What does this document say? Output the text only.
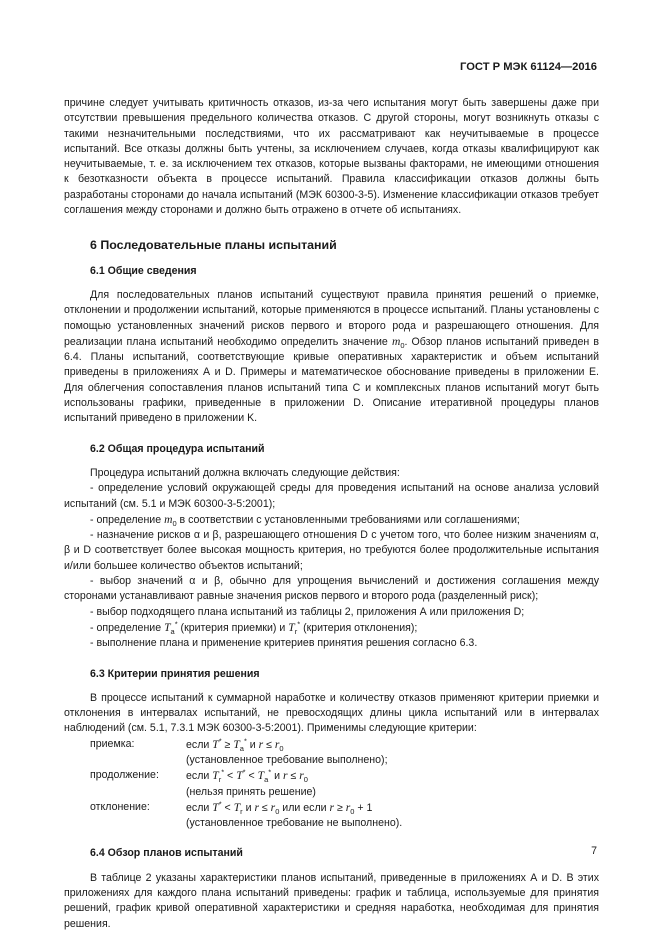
ГОСТ Р МЭК 61124—2016

причине следует учитывать критичность отказов, из-за чего испытания могут быть завершены даже при отсутствии превышения предельного количества отказов. С другой стороны, могут возникнуть отказы с такими незначительными последствиями, что их рассматривают как неучитываемые в процессе испытаний. Все отказы должны быть учтены, за исключением случаев, когда отказы квалифицируют как неучитываемые, т. е. за исключением тех отказов, которые вызваны факторами, не имеющими отношения к безотказности объекта в процессе испытаний. Правила классификации отказов должны быть разработаны сторонами до начала испытаний (МЭК 60300-3-5). Изменение классификации отказов требует соглашения между сторонами и должно быть отражено в отчете об испытаниях.

6 Последовательные планы испытаний
6.1 Общие сведения

Для последовательных планов испытаний существуют правила принятия решений о приемке, отклонении и продолжении испытаний, которые применяются в процессе испытаний. Планы установлены с помощью установленных значений рисков первого и второго рода и разрешающего отношения. Для реализации плана испытаний необходимо определить значение $m_0$. Обзор планов испытаний приведен в 6.4. Планы испытаний, соответствующие кривые оперативных характеристик и объем испытаний приведены в приложениях А и D. Примеры и математическое обоснование приведены в приложении Е. Для облегчения сопоставления планов испытаний типа С и комплексных планов испытаний могут быть использованы графики, приведенные в приложении D. Описание итеративной процедуры планов испытаний приведено в приложении K.

6.2 Общая процедура испытаний

Процедура испытаний должна включать следующие действия:

- определение условий окружающей среды для проведения испытаний на основе анализа условий испытаний (см. 5.1 и МЭК 60300-3-5:2001);

- определение $m_0$ в соответствии с установленными требованиями или соглашениями;

- назначение рисков α и β, разрешающего отношения D с учетом того, что более низким значениям α, β и D соответствует более высокая мощность критерия, но требуются более продолжительные испытания и/или большее количество объектов испытаний;

- выбор значений α и β, обычно для упрощения вычислений и достижения соглашения между сторонами устанавливают равные значения рисков первого и второго рода (разделенный риск);

- выбор подходящего плана испытаний из таблицы 2, приложения А или приложения D;

- определение $T_a^*$ (критерия приемки) и $T_r^*$ (критерия отклонения);

- выполнение плана и применение критериев принятия решения согласно 6.3.

6.3 Критерии принятия решения

В процессе испытаний к суммарной наработке и количеству отказов применяют критерии приемки и отклонения в интервалах испытаний, не превосходящих длины цикла испытаний или в интервалах наблюдений (см. 5.1, 7.3.1 МЭК 60300-3-5:2001). Применимы следующие критерии:

приемка:	если $T^* \ge T_a^*$ и $r \le r_0$
(установленное требование выполнено);
продолжение:	если $T_r^* < T^* < T_a^*$ и $r \le r_0$
(нельзя принять решение)
отклонение:	если $T^* < T_r$ и $r \le r_0$ или если $r \ge r_0 + 1$
(установленное требование не выполнено).
6.4 Обзор планов испытаний

В таблице 2 указаны характеристики планов испытаний, приведенные в приложениях А и D. В этих приложениях для каждого плана испытаний приведены: график и таблица, используемые для принятия решений, график кривой оперативной характеристики и средняя наработка, необходимая для принятия решения.

7
